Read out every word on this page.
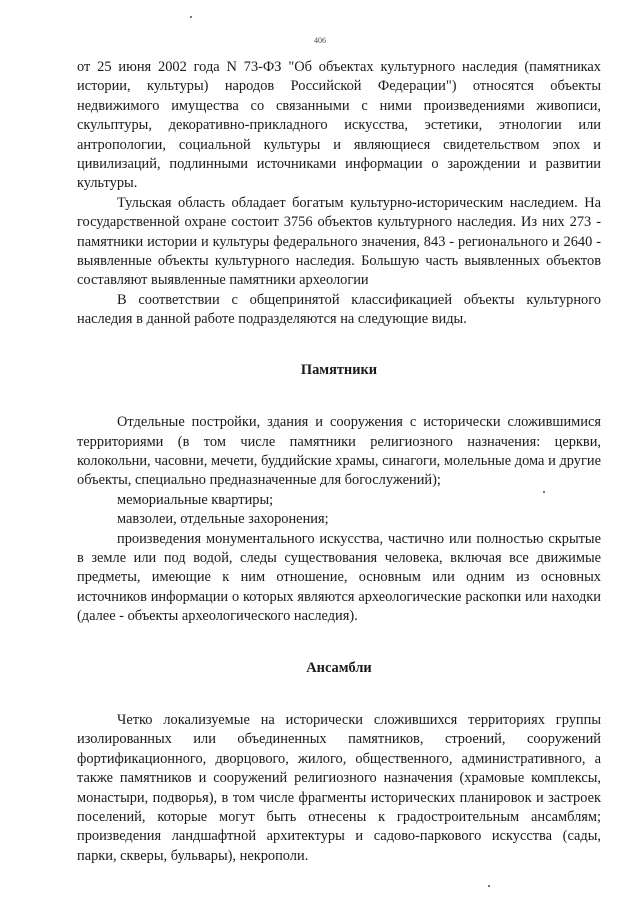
406

от 25 июня 2002 года N 73-ФЗ "Об объектах культурного наследия (памятниках истории, культуры) народов Российской Федерации") относятся объекты недвижимого имущества со связанными с ними произведениями живописи, скульптуры, декоративно-прикладного искусства, эстетики, этнологии или антропологии, социальной культуры и являющиеся свидетельством эпох и цивилизаций, подлинными источниками информации о зарождении и развитии культуры.

Тульская область обладает богатым культурно-историческим наследием. На государственной охране состоит 3756 объектов культурного наследия. Из них 273 - памятники истории и культуры федерального значения, 843 - регионального и 2640 - выявленные объекты культурного наследия. Большую часть выявленных объектов составляют выявленные памятники археологии

В соответствии с общепринятой классификацией объекты культурного наследия в данной работе подразделяются на следующие виды.

Памятники

Отдельные постройки, здания и сооружения с исторически сложившимися территориями (в том числе памятники религиозного назначения: церкви, колокольни, часовни, мечети, буддийские храмы, синагоги, молельные дома и другие объекты, специально предназначенные для богослужений);

мемориальные квартиры;

мавзолеи, отдельные захоронения;

произведения монументального искусства, частично или полностью скрытые в земле или под водой, следы существования человека, включая все движимые предметы, имеющие к ним отношение, основным или одним из основных источников информации о которых являются археологические раскопки или находки (далее - объекты археологического наследия).

Ансамбли

Четко локализуемые на исторически сложившихся территориях группы изолированных или объединенных памятников, строений, сооружений фортификационного, дворцового, жилого, общественного, административного, а также памятников и сооружений религиозного назначения (храмовые комплексы, монастыри, подворья), в том числе фрагменты исторических планировок и застроек поселений, которые могут быть отнесены к градостроительным ансамблям; произведения ландшафтной архитектуры и садово-паркового искусства (сады, парки, скверы, бульвары), некрополи.
